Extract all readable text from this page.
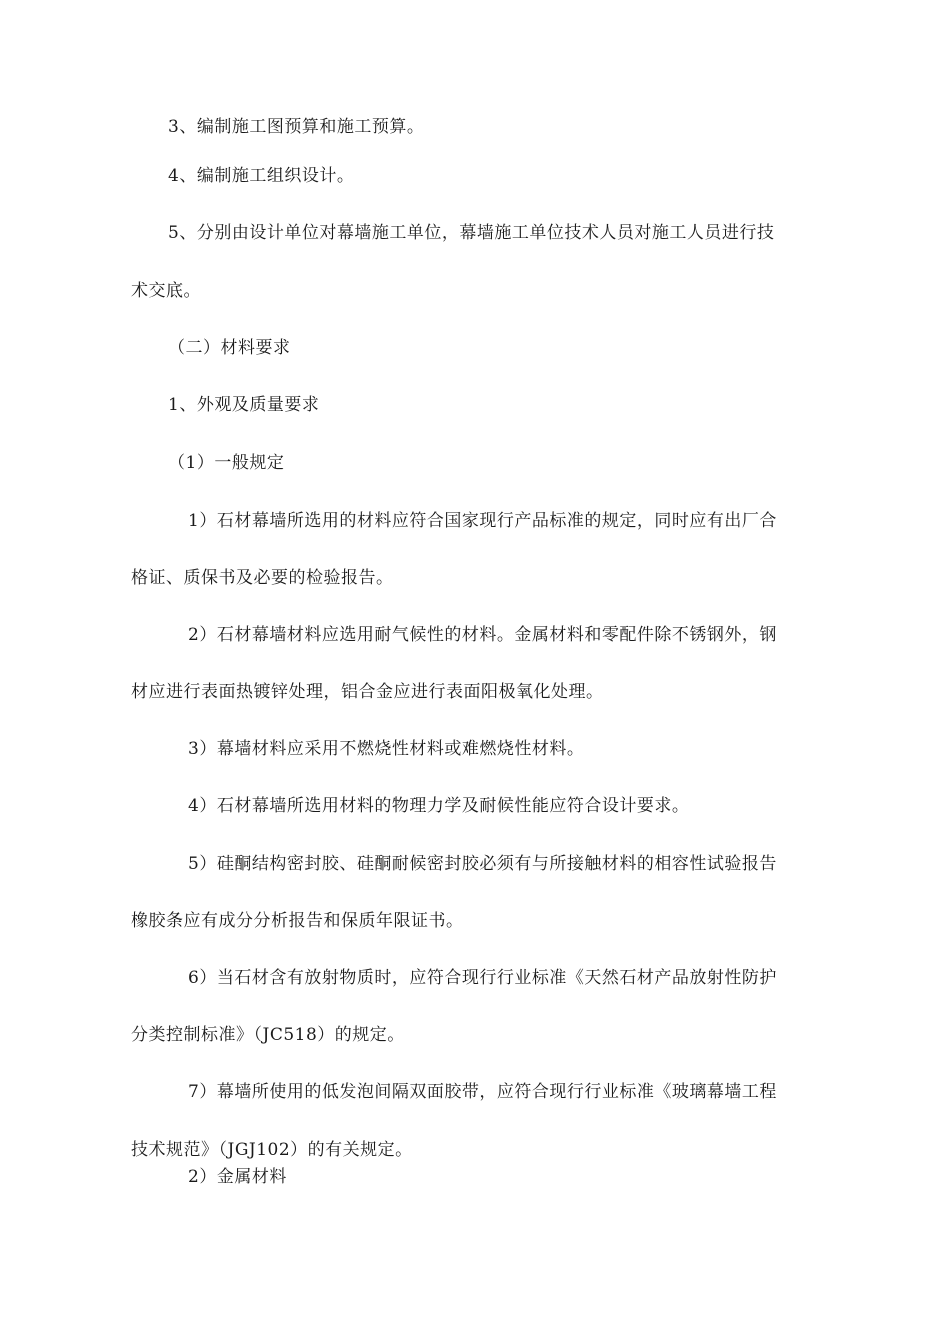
3、编制施工图预算和施工预算。
4、编制施工组织设计。
5、分别由设计单位对幕墙施工单位，幕墙施工单位技术人员对施工人员进行技
术交底。
（二）材料要求
1、外观及质量要求
（1）一般规定
1）石材幕墙所选用的材料应符合国家现行产品标准的规定，同时应有出厂合
格证、质保书及必要的检验报告。
2）石材幕墙材料应选用耐气候性的材料。金属材料和零配件除不锈钢外，钢
材应进行表面热镀锌处理，铝合金应进行表面阳极氧化处理。
3）幕墙材料应采用不燃烧性材料或难燃烧性材料。
4）石材幕墙所选用材料的物理力学及耐候性能应符合设计要求。
5）硅酮结构密封胶、硅酮耐候密封胶必须有与所接触材料的相容性试验报告
橡胶条应有成分分析报告和保质年限证书。
6）当石材含有放射物质时，应符合现行行业标准《天然石材产品放射性防护
分类控制标准》（JC518）的规定。
7）幕墙所使用的低发泡间隔双面胶带，应符合现行行业标准《玻璃幕墙工程
技术规范》（JGJ102）的有关规定。
2）金属材料
